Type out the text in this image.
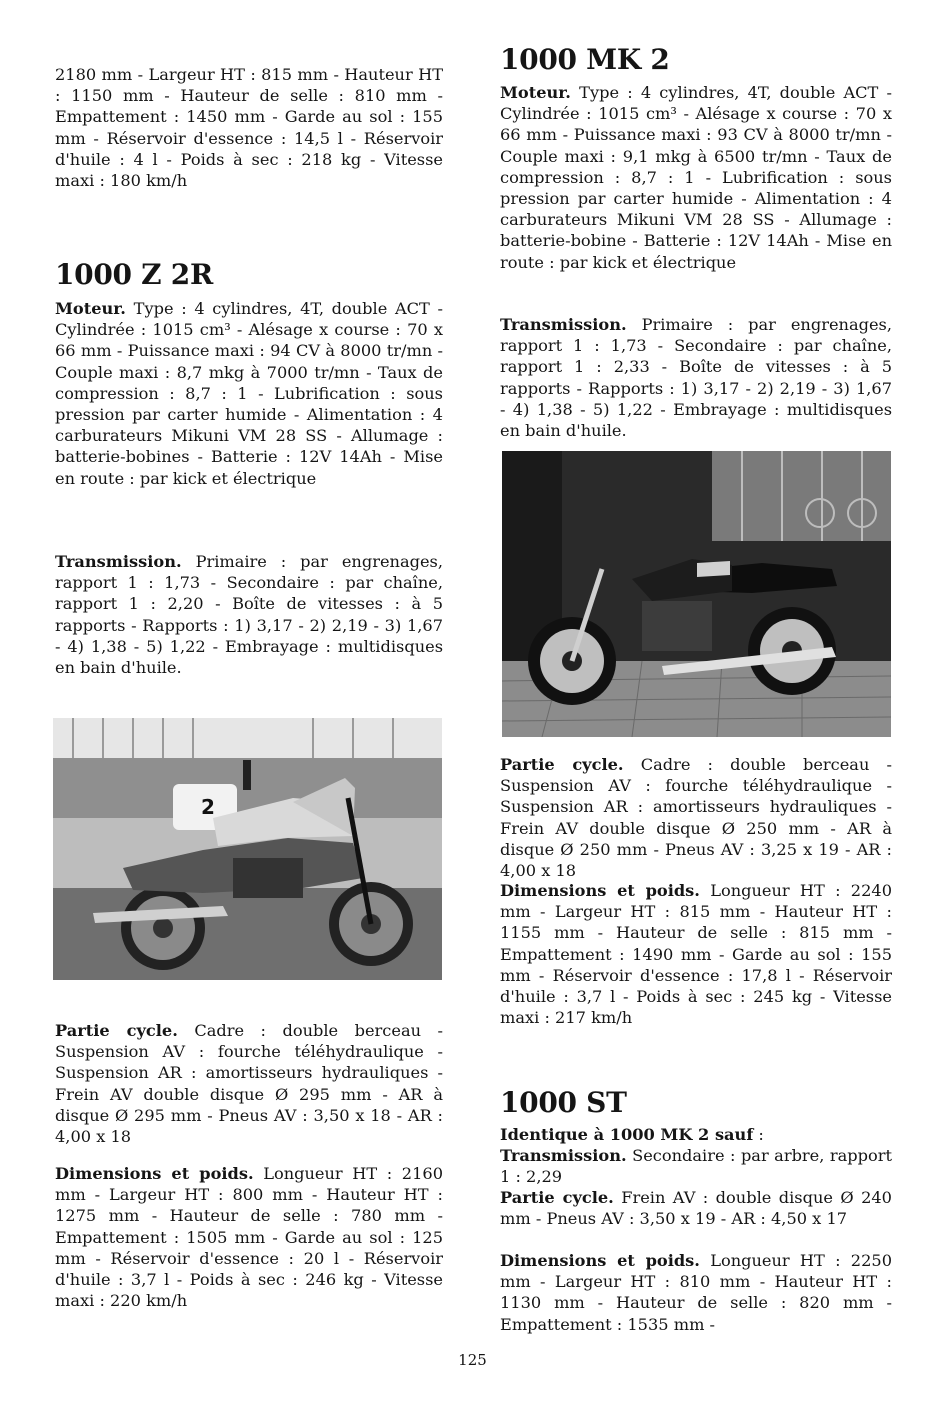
2180 mm - Largeur HT : 815 mm - Hauteur HT : 1150 mm - Hauteur de selle : 810 mm - Empattement : 1450 mm - Garde au sol : 155 mm - Réservoir d'essence : 14,5 l - Réservoir d'huile : 4 l - Poids à sec : 218 kg - Vitesse maxi : 180 km/h

1000 Z 2R

Moteur. Type : 4 cylindres, 4T, double ACT - Cylindrée : 1015 cm³ - Alésage x course : 70 x 66 mm - Puissance maxi : 94 CV à 8000 tr/mn - Couple maxi : 8,7 mkg à 7000 tr/mn - Taux de compression : 8,7 : 1 - Lubrification : sous pression par carter humide - Alimentation : 4 carburateurs Mikuni VM 28 SS - Allumage : batterie-bobines - Batterie : 12V 14Ah - Mise en route : par kick et électrique

Transmission. Primaire : par engrenages, rapport 1 : 1,73 - Secondaire : par chaîne, rapport 1 : 2,20 - Boîte de vitesses : à 5 rapports - Rapports : 1) 3,17 - 2) 2,19 - 3) 1,67 - 4) 1,38 - 5) 1,22 - Embrayage : multidisques en bain d'huile.

Partie cycle. Cadre : double berceau - Suspension AV : fourche téléhydraulique - Suspension AR : amortisseurs hydrauliques - Frein AV double disque Ø 295 mm - AR à disque Ø 295 mm - Pneus AV : 3,50 x 18 - AR : 4,00 x 18

Dimensions et poids. Longueur HT : 2160 mm - Largeur HT : 800 mm - Hauteur HT : 1275 mm - Hauteur de selle : 780 mm - Empattement : 1505 mm - Garde au sol : 125 mm - Réservoir d'essence : 20 l - Réservoir d'huile : 3,7 l - Poids à sec : 246 kg - Vitesse maxi : 220 km/h

2
1000 MK 2

Moteur. Type : 4 cylindres, 4T, double ACT - Cylindrée : 1015 cm³ - Alésage x course : 70 x 66 mm - Puissance maxi : 93 CV à 8000 tr/mn - Couple maxi : 9,1 mkg à 6500 tr/mn - Taux de compression : 8,7 : 1 - Lubrification : sous pression par carter humide - Alimentation : 4 carburateurs Mikuni VM 28 SS - Allumage : batterie-bobine - Batterie : 12V 14Ah - Mise en route : par kick et électrique

Transmission. Primaire : par engrenages, rapport 1 : 1,73 - Secondaire : par chaîne, rapport 1 : 2,33 - Boîte de vitesses : à 5 rapports - Rapports : 1) 3,17 - 2) 2,19 - 3) 1,67 - 4) 1,38 - 5) 1,22 - Embrayage : multidisques en bain d'huile.

Partie cycle. Cadre : double berceau - Suspension AV : fourche téléhydraulique - Suspension AR : amortisseurs hydrauliques - Frein AV double disque Ø 250 mm - AR à disque Ø 250 mm - Pneus AV : 3,25 x 19 - AR : 4,00 x 18

Dimensions et poids. Longueur HT : 2240 mm - Largeur HT : 815 mm - Hauteur HT : 1155 mm - Hauteur de selle : 815 mm - Empattement : 1490 mm - Garde au sol : 155 mm - Réservoir d'essence : 17,8 l - Réservoir d'huile : 3,7 l - Poids à sec : 245 kg - Vitesse maxi : 217 km/h

1000 ST

Identique à 1000 MK 2 sauf :

Transmission. Secondaire : par arbre, rapport 1 : 2,29

Partie cycle. Frein AV : double disque Ø 240 mm - Pneus AV : 3,50 x 19 - AR : 4,50 x 17

Dimensions et poids. Longueur HT : 2250 mm - Largeur HT : 810 mm - Hauteur HT : 1130 mm - Hauteur de selle : 820 mm - Empattement : 1535 mm -

125
